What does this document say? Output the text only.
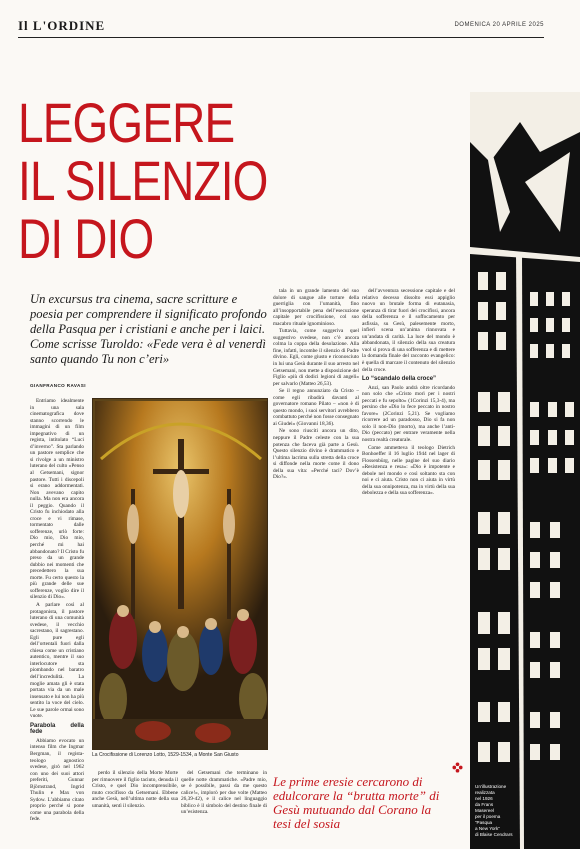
Il L'ORDINE	DOMENICA 20 APRILE 2025
LEGGERE
IL SILENZIO
DI DIO
Un excursus tra cinema, sacre scritture e poesia per comprendere il significato profondo della Pasqua per i cristiani e anche per i laici. Come scrisse Turoldo: «Fede vera è al venerdì santo quando Tu non c’eri»
GIANFRANCO RAVASI

Entriamo idealmente in una sala cinematografica dove stanno scorrendo le immagini di un film impegnativo di un regista, intitolato “Luci d’inverno”. Sta parlando un pastore semplice che si rivolge a un ministro luterano del culto «Penso al Getsemani, signor pastore. Tutti i discepoli si erano addormentati. Non avevano capito nulla. Ma non era ancora il peggio. Quando il Cristo fu inchiodato alla croce e vi rimase, tormentato dalle sofferenze, urlò forte: Dio mio, Dio mio, perché mi hai abbandonato? Il Cristo fu preso da un grande dubbio nei momenti che precedettero la sua morte. Fu certo questo la più grande delle sue sofferenze, voglio dire il silenzio di Dio».

A parlare così al protagonista, il pastore luterano di una comunità svedese, il vecchio sacrestano, il sagrestano. Egli pure egli dell’ortentali fuori dalla chiesa come un cristiano autentico, mentre il suo interlocutore sta piombando nel baratro dell’incredulità. La moglie amata gli è stata portata via da un male insensato e lui non ha più sentito la voce del cielo. Le sue parole ormai sono vuote.

Parabola della fede

Abbiamo evocato un intenso film che Ingmar Bergman, il regista-teologo agnostico svedese, girò nel 1962 con uno dei suoi attori preferiti, Gunnar Björnstrand, Ingrid Thulin e Max von Sydow. L’abbiamo citato proprio perché si pone come una parabola della fede.

La Crocifissione di Lorenzo Lotto, 1529-1534, a Monte San Giusto

perdo il silenzio della Morte Morte per rimuovere il figlio taciuto, denuda il Cristo, e quel Dio incomprensibile, muto crocifisso da Getsemani. Ebbene anche Gesù, nell’ultima notte della sua umanità, sentì il silenzio.

del Getsemani che terminano in quelle notte drammatiche. «Padre mio, se è possibile, passi da me questo calice!», implorò per due volte (Matteo 26,39-42), e il calice nel linguaggio biblico è il simbolo del destino finale di un’esistenza.

tala in un grande lamento del suo dolore di sangue alle torture della guerriglia con l’umanità, fino all’insopportabile pena dell’esecuzione capitale per crocifissione, col suo macabro rituale ignominioso.

Tuttavia, come suggeriva quel suggestivo svedese, non c’è ancora colma la coppa della desolazione. Alla fine, infatti, incombe il silenzio di Padre divino. Egli, come giusto e riconosciuto in lui una Gesù durante il suo arresto nel Getsemani, non mette a disposizione del Figlio «più di dodici legioni di angeli» per salvarlo (Matteo 26,53).

Se il regno annunziato da Cristo – come egli ribadirà davanti al governatore romano Pilato – «non è di questo mondo, i suoi servitori avrebbero combattuto perché non fosse consegnato ai Giudei» (Giovanni 18,36).

Ne sono riusciti ancora un dito, neppure il Padre celeste con la sua potenza che faceva già parte a Gesù. Questo silenzio divino è drammatico e l’ultima lacrima sulla stretta della croce si diffonde nella morte come il dono della sua vita: «Perché taci? Dov’è Dio?».

dell’avventura secessione capitale e del relativo decesso dissolto essi appiglio nuovo un brutale forma di eutanasia, speranza di tirar fuori dei crocifissi, ancora della sofferenza e il soffocamento per asfissia, su Gesù, palesemente morto, infierì scena un’anima rinnovata e un’andata di carità. La luce del mondo è abbandonata, il silenzio della sua creatura vuol si prova di una sofferenza e di mettere la domanda finale del racconto evangelico: è quella di marcare il contenuto del silenzio della croce.

Lo “scandalo della croce”

Anzi, san Paolo andrà oltre ricordando non solo che «Cristo morì per i nostri peccati e fu sepolto» (1Corinzi 15,3-4), ma persino che «Dio lo fece peccato in nostro favore» (2Corinzi 5,21). Se vogliamo ricorrere ad un paradosso, Dio si fa non solo il non-Dio (morto), ma anche l’anti-Dio (peccato) per entrare veramente nella nostra realtà creaturale.

Come ammetteva il teologo Dietrich Bonhoeffer il 16 luglio 1944 nel lager di Flossenbürg, nelle pagine del suo diario «Resistenza e resa»: «Dio è impotente e debole nel mondo e così soltanto sta con noi e ci aiuta. Cristo non ci aiuta in virtù della sua onnipotenza, ma in virtù della sua debolezza e della sua sofferenza».

Le prime eresie cercarono di edulcorare la “brutta morte” di Gesù mutuando dal Corano la tesi del sosia
Un’illustrazione
realizzata
nel 1926
da Frans
Masereel
per il poema
“Pasqua
a New York”
di Blaise Cendrars
